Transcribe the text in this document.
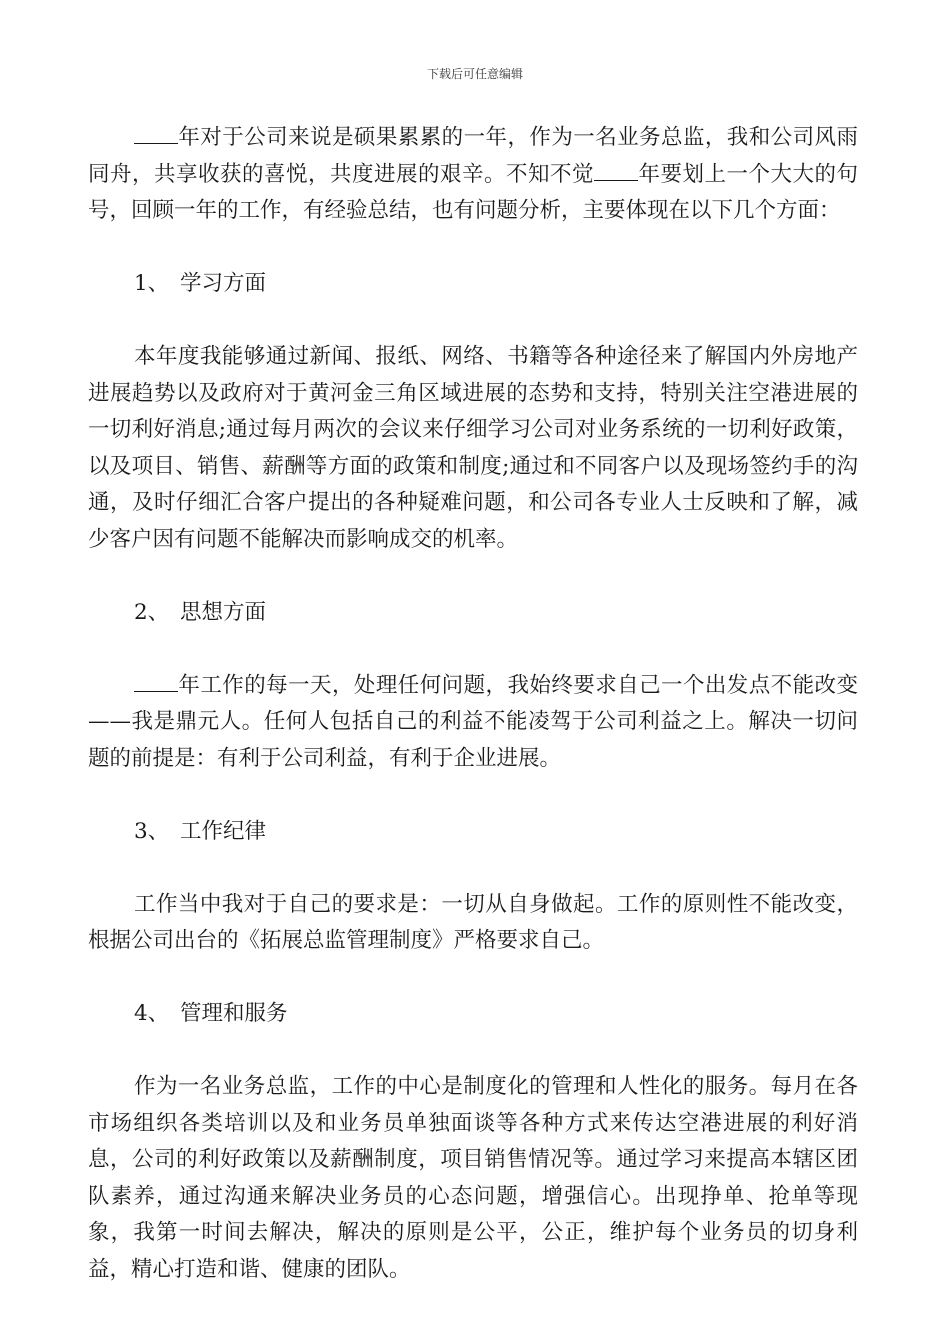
下载后可任意编辑

年对于公司来说是硕果累累的一年，作为一名业务总监，我和公司风雨同舟，共享收获的喜悦，共度进展的艰辛。不知不觉 年要划上一个大大的句号，回顾一年的工作，有经验总结，也有问题分析，主要体现在以下几个方面：

1、 学习方面

本年度我能够通过新闻、报纸、网络、书籍等各种途径来了解国内外房地产进展趋势以及政府对于黄河金三角区域进展的态势和支持，特别关注空港进展的一切利好消息;通过每月两次的会议来仔细学习公司对业务系统的一切利好政策，以及项目、销售、薪酬等方面的政策和制度;通过和不同客户以及现场签约手的沟通，及时仔细汇合客户提出的各种疑难问题，和公司各专业人士反映和了解，减少客户因有问题不能解决而影响成交的机率。

2、 思想方面

年工作的每一天，处理任何问题，我始终要求自己一个出发点不能改变——我是鼎元人。任何人包括自己的利益不能凌驾于公司利益之上。解决一切问题的前提是：有利于公司利益，有利于企业进展。

3、 工作纪律

工作当中我对于自己的要求是：一切从自身做起。工作的原则性不能改变，根据公司出台的《拓展总监管理制度》严格要求自己。

4、 管理和服务

作为一名业务总监，工作的中心是制度化的管理和人性化的服务。每月在各市场组织各类培训以及和业务员单独面谈等各种方式来传达空港进展的利好消息，公司的利好政策以及薪酬制度，项目销售情况等。通过学习来提高本辖区团队素养，通过沟通来解决业务员的心态问题，增强信心。出现挣单、抢单等现象，我第一时间去解决，解决的原则是公平，公正，维护每个业务员的切身利益，精心打造和谐、健康的团队。
